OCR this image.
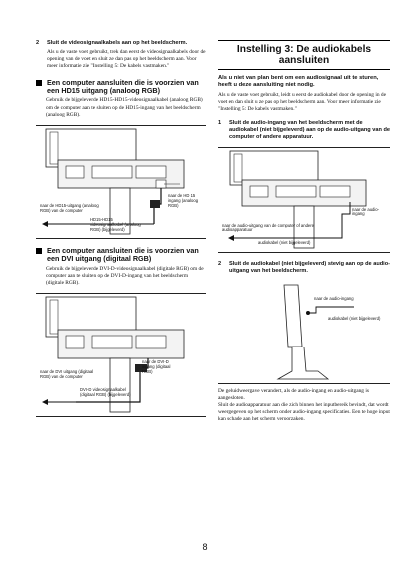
2	Sluit de videosignaalkabels aan op het beeldscherm.
Als u de vaste voet gebruikt, trek dan eerst de videosignaalkabels door de opening van de voet en sluit ze dan pas op het beeldscherm aan. Voor meer informatie zie "Instelling 5: De kabels vastmaken."
Een computer aansluiten die is voorzien van een HD15 uitgang (analoog RGB)
Gebruik de bijgeleverde HD15-HD15-videosignaalkabel (analoog RGB) om de computer aan te sluiten op de HD15-ingang van het beeldscherm (analoog RGB).
naar de HD 15 ingang (analoog RGB)
naar de HD15-uitgang (analoog RGB) van de computer
HD15-HD15 videosignaalkabel (analoog RGB) (bijgeleverd)
Een computer aansluiten die is voorzien van een DVI uitgang (digitaal RGB)
Gebruik de bijgeleverde DVI-D-videosignaalkabel (digitale RGB) om de computer aan te sluiten op de DVI-D-ingang van het beeldscherm (digitale RGB).
naar de DVI-D ingang (digitaal RGB)
naar de DVI uitgang (digitaal RGB) van de computer
DVI-D videosignaalkabel (digitaal RGB) (bijgeleverd)
Instelling 3: De audiokabels aansluiten
Als u niet van plan bent om een audiosignaal uit te sturen, heeft u deze aansluiting niet nodig.
Als u de vaste voet gebruikt, leidt u eerst de audiokabel door de opening in de voet en dan sluit u ze pas op het beeldscherm aan. Voor meer informatie zie "Instelling 5: De kabels vastmaken."
1	Sluit de audio-ingang van het beeldscherm met de audiokabel (niet bijgeleverd) aan op de audio-uitgang van de computer of andere apparatuur.
naar de audio-ingang
naar de audio-uitgang van de computer of andere audioapparatuur
audiokabel (niet bijgeleverd)
2	Sluit de audiokabel (niet bijgeleverd) stevig aan op de audio-uitgang van het beeldscherm.
naar de audio-ingang
audiokabel (niet bijgeleverd)
De geluidweergave verandert, als de audio-ingang en audio-uitgang is aangesloten.
Sluit de audioapparatuur aan die zich binnen het inputbereik bevindt, dat wordt weergegeven op het scherm onder audio-ingang specificaties. Een te hoge input kan schade aan het scherm veroorzaken.
8
